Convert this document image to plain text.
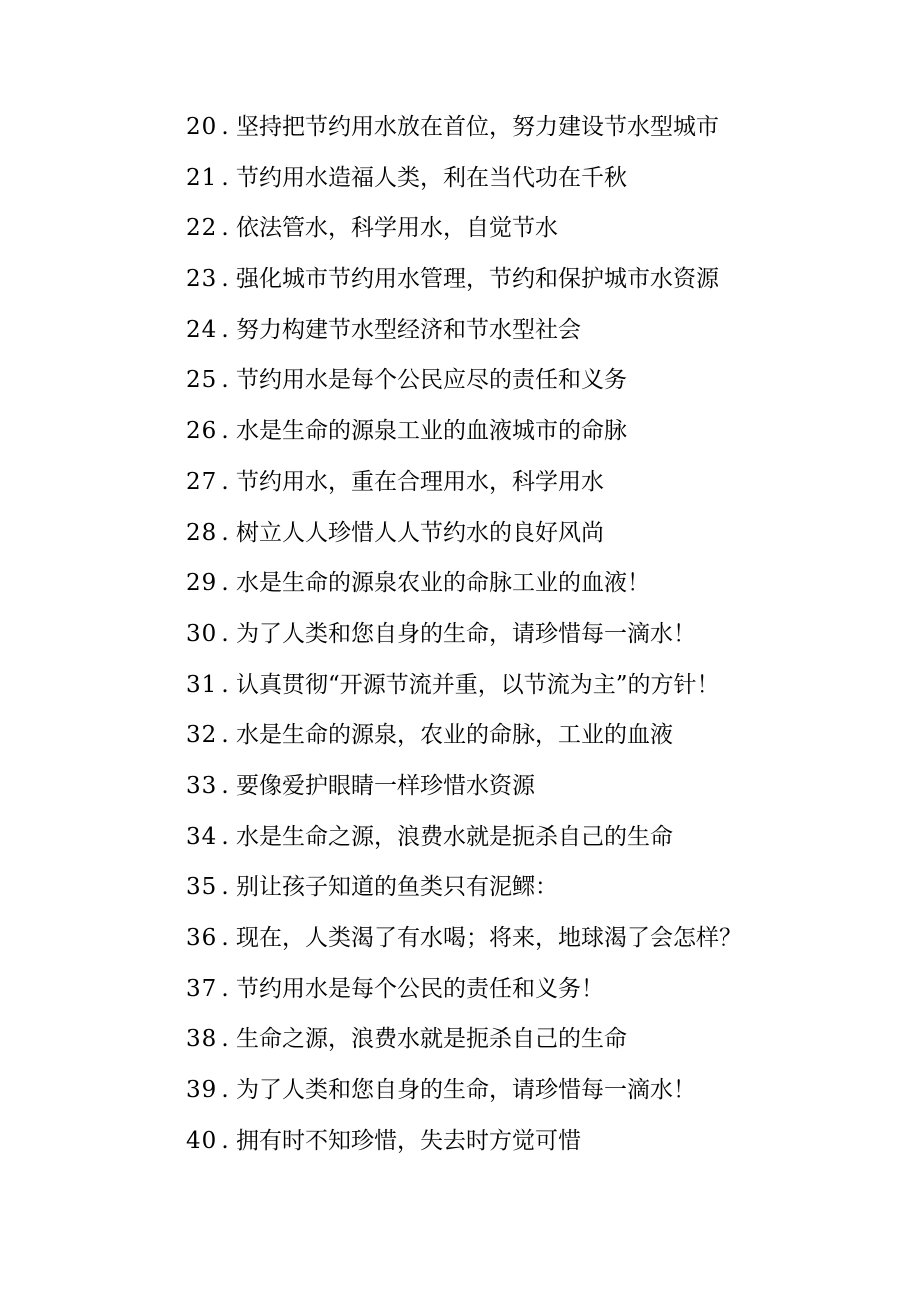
20 . 坚持把节约用水放在首位，努力建设节水型城市
21 . 节约用水造福人类，利在当代功在千秋
22 . 依法管水，科学用水，自觉节水
23 . 强化城市节约用水管理，节约和保护城市水资源
24 . 努力构建节水型经济和节水型社会
25 . 节约用水是每个公民应尽的责任和义务
26 . 水是生命的源泉工业的血液城市的命脉
27 . 节约用水，重在合理用水，科学用水
28 . 树立人人珍惜人人节约水的良好风尚
29 . 水是生命的源泉农业的命脉工业的血液！
30 . 为了人类和您自身的生命，请珍惜每一滴水！
31 . 认真贯彻“开源节流并重，以节流为主”的方针！
32 . 水是生命的源泉，农业的命脉，工业的血液
33 . 要像爱护眼睛一样珍惜水资源
34 . 水是生命之源，浪费水就是扼杀自己的生命
35 . 别让孩子知道的鱼类只有泥鳏：
36 . 现在，人类渴了有水喝；将来，地球渴了会怎样？
37 . 节约用水是每个公民的责任和义务！
38 . 生命之源，浪费水就是扼杀自己的生命
39 . 为了人类和您自身的生命，请珍惜每一滴水！
40 . 拥有时不知珍惜，失去时方觉可惜
